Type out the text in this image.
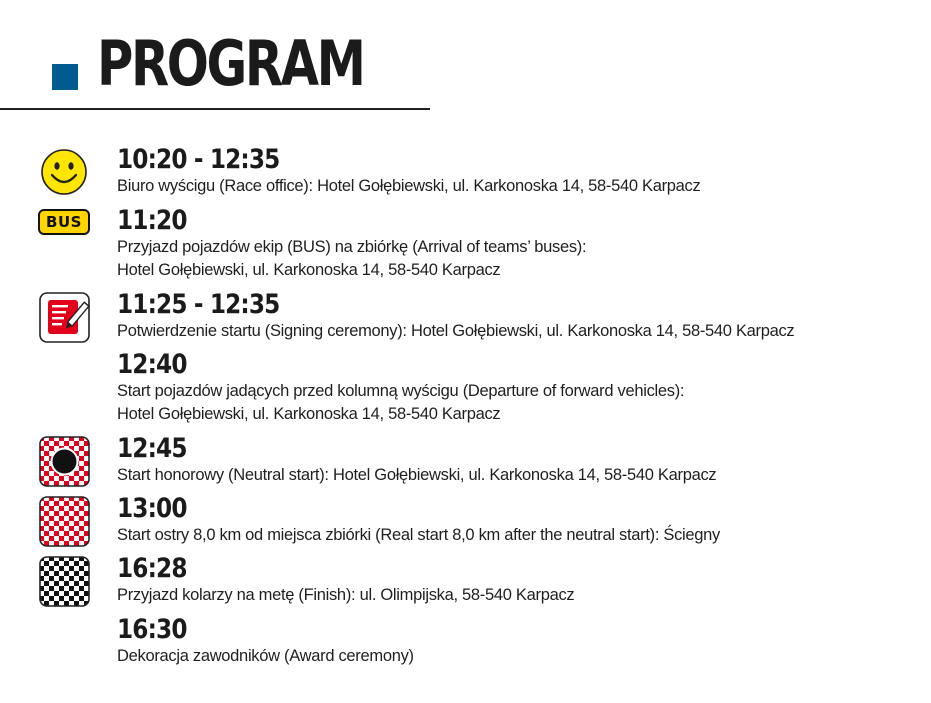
PROGRAM
10:20 - 12:35
Biuro wyścigu (Race office): Hotel Gołębiewski, ul. Karkonoska 14, 58-540 Karpacz
BUS 11:20
Przyjazd pojazdów ekip (BUS) na zbiórkę (Arrival of teams’ buses):
Hotel Gołębiewski, ul. Karkonoska 14, 58-540 Karpacz
11:25 - 12:35
Potwierdzenie startu (Signing ceremony): Hotel Gołębiewski, ul. Karkonoska 14, 58-540 Karpacz
12:40
Start pojazdów jadących przed kolumną wyścigu (Departure of forward vehicles):
Hotel Gołębiewski, ul. Karkonoska 14, 58-540 Karpacz
12:45
Start honorowy (Neutral start): Hotel Gołębiewski, ul. Karkonoska 14, 58-540 Karpacz
13:00
Start ostry 8,0 km od miejsca zbiórki (Real start 8,0 km after the neutral start): Ściegny
16:28
Przyjazd kolarzy na metę (Finish): ul. Olimpijska, 58-540 Karpacz
16:30
Dekoracja zawodników (Award ceremony)
